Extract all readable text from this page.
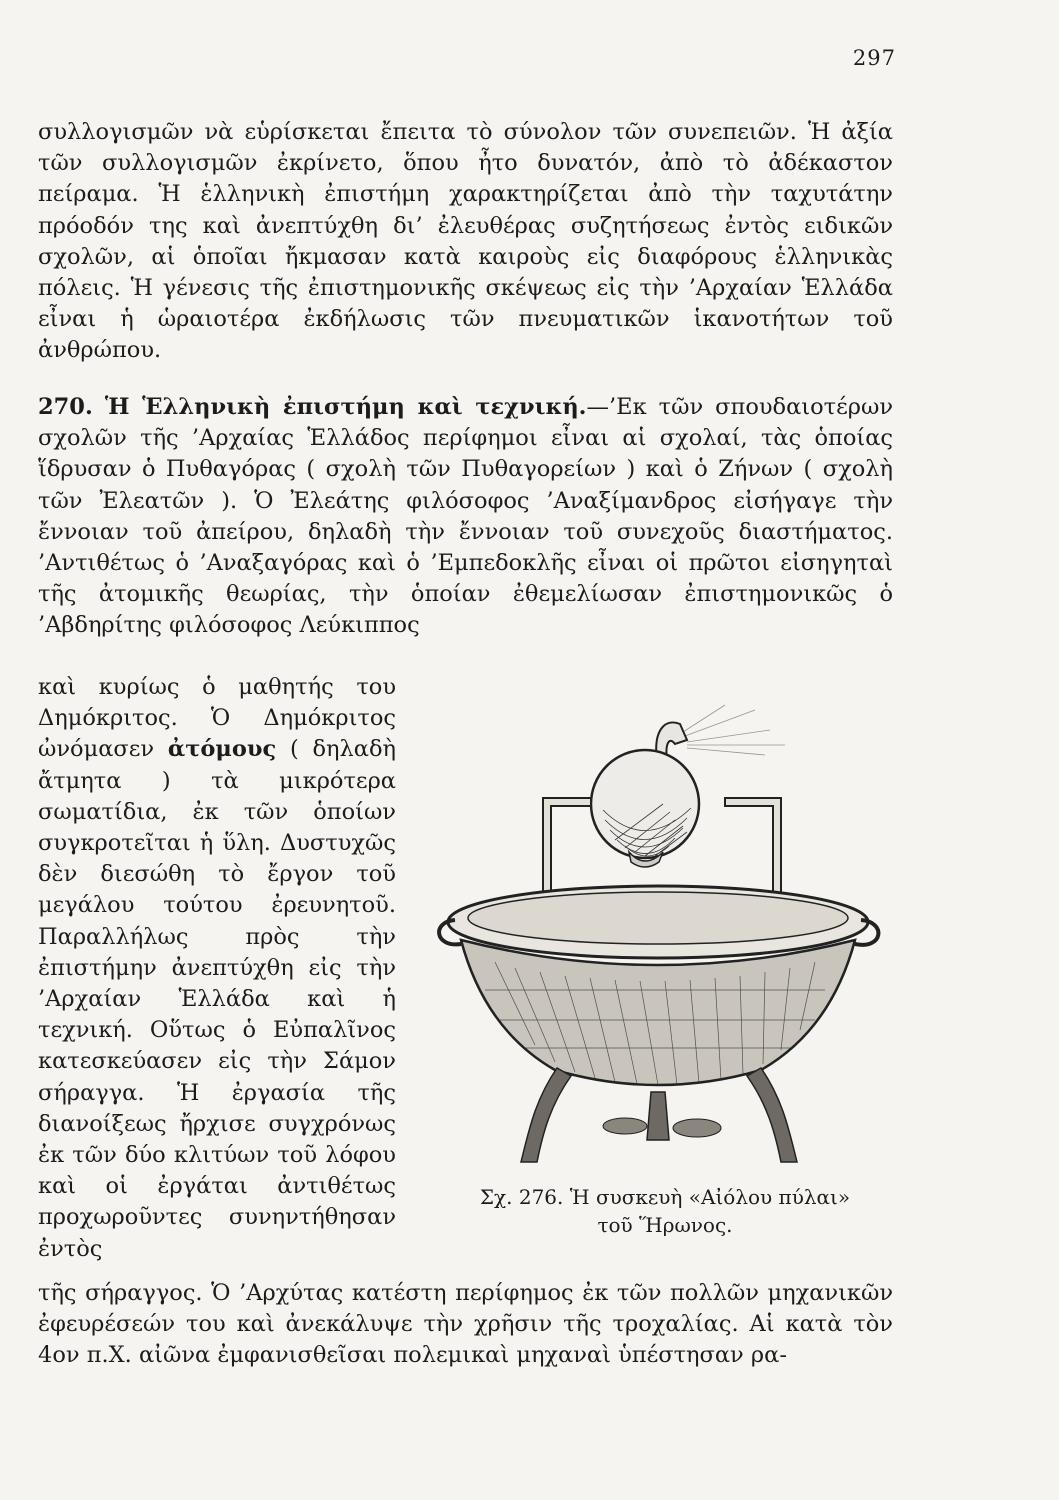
297

συλλογισμῶν νὰ εὑρίσκεται ἔπειτα τὸ σύνολον τῶν συνεπειῶν. Ἡ ἀξία τῶν συλλογισμῶν ἐκρίνετο, ὅπου ἦτο δυνατόν, ἀπὸ τὸ ἀδέκαστον πείραμα. Ἡ ἑλληνικὴ ἐπιστήμη χαρακτηρίζεται ἀπὸ τὴν ταχυτάτην πρόοδόν της καὶ ἀνεπτύχθη δι’ ἐλευθέρας συζητήσεως ἐντὸς ειδικῶν σχολῶν, αἱ ὁποῖαι ἤκμασαν κατὰ καιροὺς εἰς διαφόρους ἑλληνικὰς πόλεις. Ἡ γένεσις τῆς ἐπιστημονικῆς σκέψεως εἰς τὴν ’Αρχαίαν Ἑλλάδα εἶναι ἡ ὡραιοτέρα ἐκδήλωσις τῶν πνευματικῶν ἱκανοτήτων τοῦ ἀνθρώπου.

270. Ἡ Ἑλληνικὴ ἐπιστήμη καὶ τεχνική.—’Εκ τῶν σπουδαιοτέρων σχολῶν τῆς ’Αρχαίας Ἑλλάδος περίφημοι εἶναι αἱ σχολαί, τὰς ὁποίας ἵδρυσαν ὁ Πυθαγόρας ( σχολὴ τῶν Πυθαγορείων ) καὶ ὁ Ζήνων ( σχολὴ τῶν Ἐλεατῶν ). Ὁ Ἐλεάτης φιλόσοφος ’Αναξίμανδρος εἰσήγαγε τὴν ἔννοιαν τοῦ ἀπείρου, δηλαδὴ τὴν ἔννοιαν τοῦ συνεχοῦς διαστήματος. ’Αντιθέτως ὁ ’Αναξαγόρας καὶ ὁ ’Εμπεδοκλῆς εἶναι οἱ πρῶτοι εἰσηγηταὶ τῆς ἀτομικῆς θεωρίας, τὴν ὁποίαν ἐθεμελίωσαν ἐπιστημονικῶς ὁ ’Αβδηρίτης φιλόσοφος Λεύκιππος

καὶ κυρίως ὁ μαθητής του Δημόκριτος. Ὁ Δημόκριτος ὠνόμασεν ἀτόμους ( δηλαδὴ ἄτμητα ) τὰ μικρότερα σωματίδια, ἐκ τῶν ὁποίων συγκροτεῖται ἡ ὕλη. Δυστυχῶς δὲν διεσώθη τὸ ἔργον τοῦ μεγάλου τούτου ἐρευνητοῦ. Παραλλήλως πρὸς τὴν ἐπιστήμην ἀνεπτύχθη εἰς τὴν ’Αρχαίαν Ἑλλάδα καὶ ἡ τεχνική. Οὕτως ὁ Εὐπαλῖνος κατεσκεύασεν εἰς τὴν Σάμον σήραγγα. Ἡ ἐργασία τῆς διανοίξεως ἤρχισε συγχρόνως ἐκ τῶν δύο κλιτύων τοῦ λόφου καὶ οἱ ἐργάται ἀντιθέτως προχωροῦντες συνηντήθησαν ἐντὸς

Σχ. 276. Ἡ συσκευὴ «Αἰόλου πύλαι»
τοῦ Ἥρωνος.

τῆς σήραγγος. Ὁ ’Αρχύτας κατέστη περίφημος ἐκ τῶν πολλῶν μηχανικῶν ἐφευρέσεών του καὶ ἀνεκάλυψε τὴν χρῆσιν τῆς τροχαλίας. Αἱ κατὰ τὸν 4ον π.Χ. αἰῶνα ἐμφανισθεῖσαι πολεμικαὶ μηχαναὶ ὑπέστησαν ρα-
